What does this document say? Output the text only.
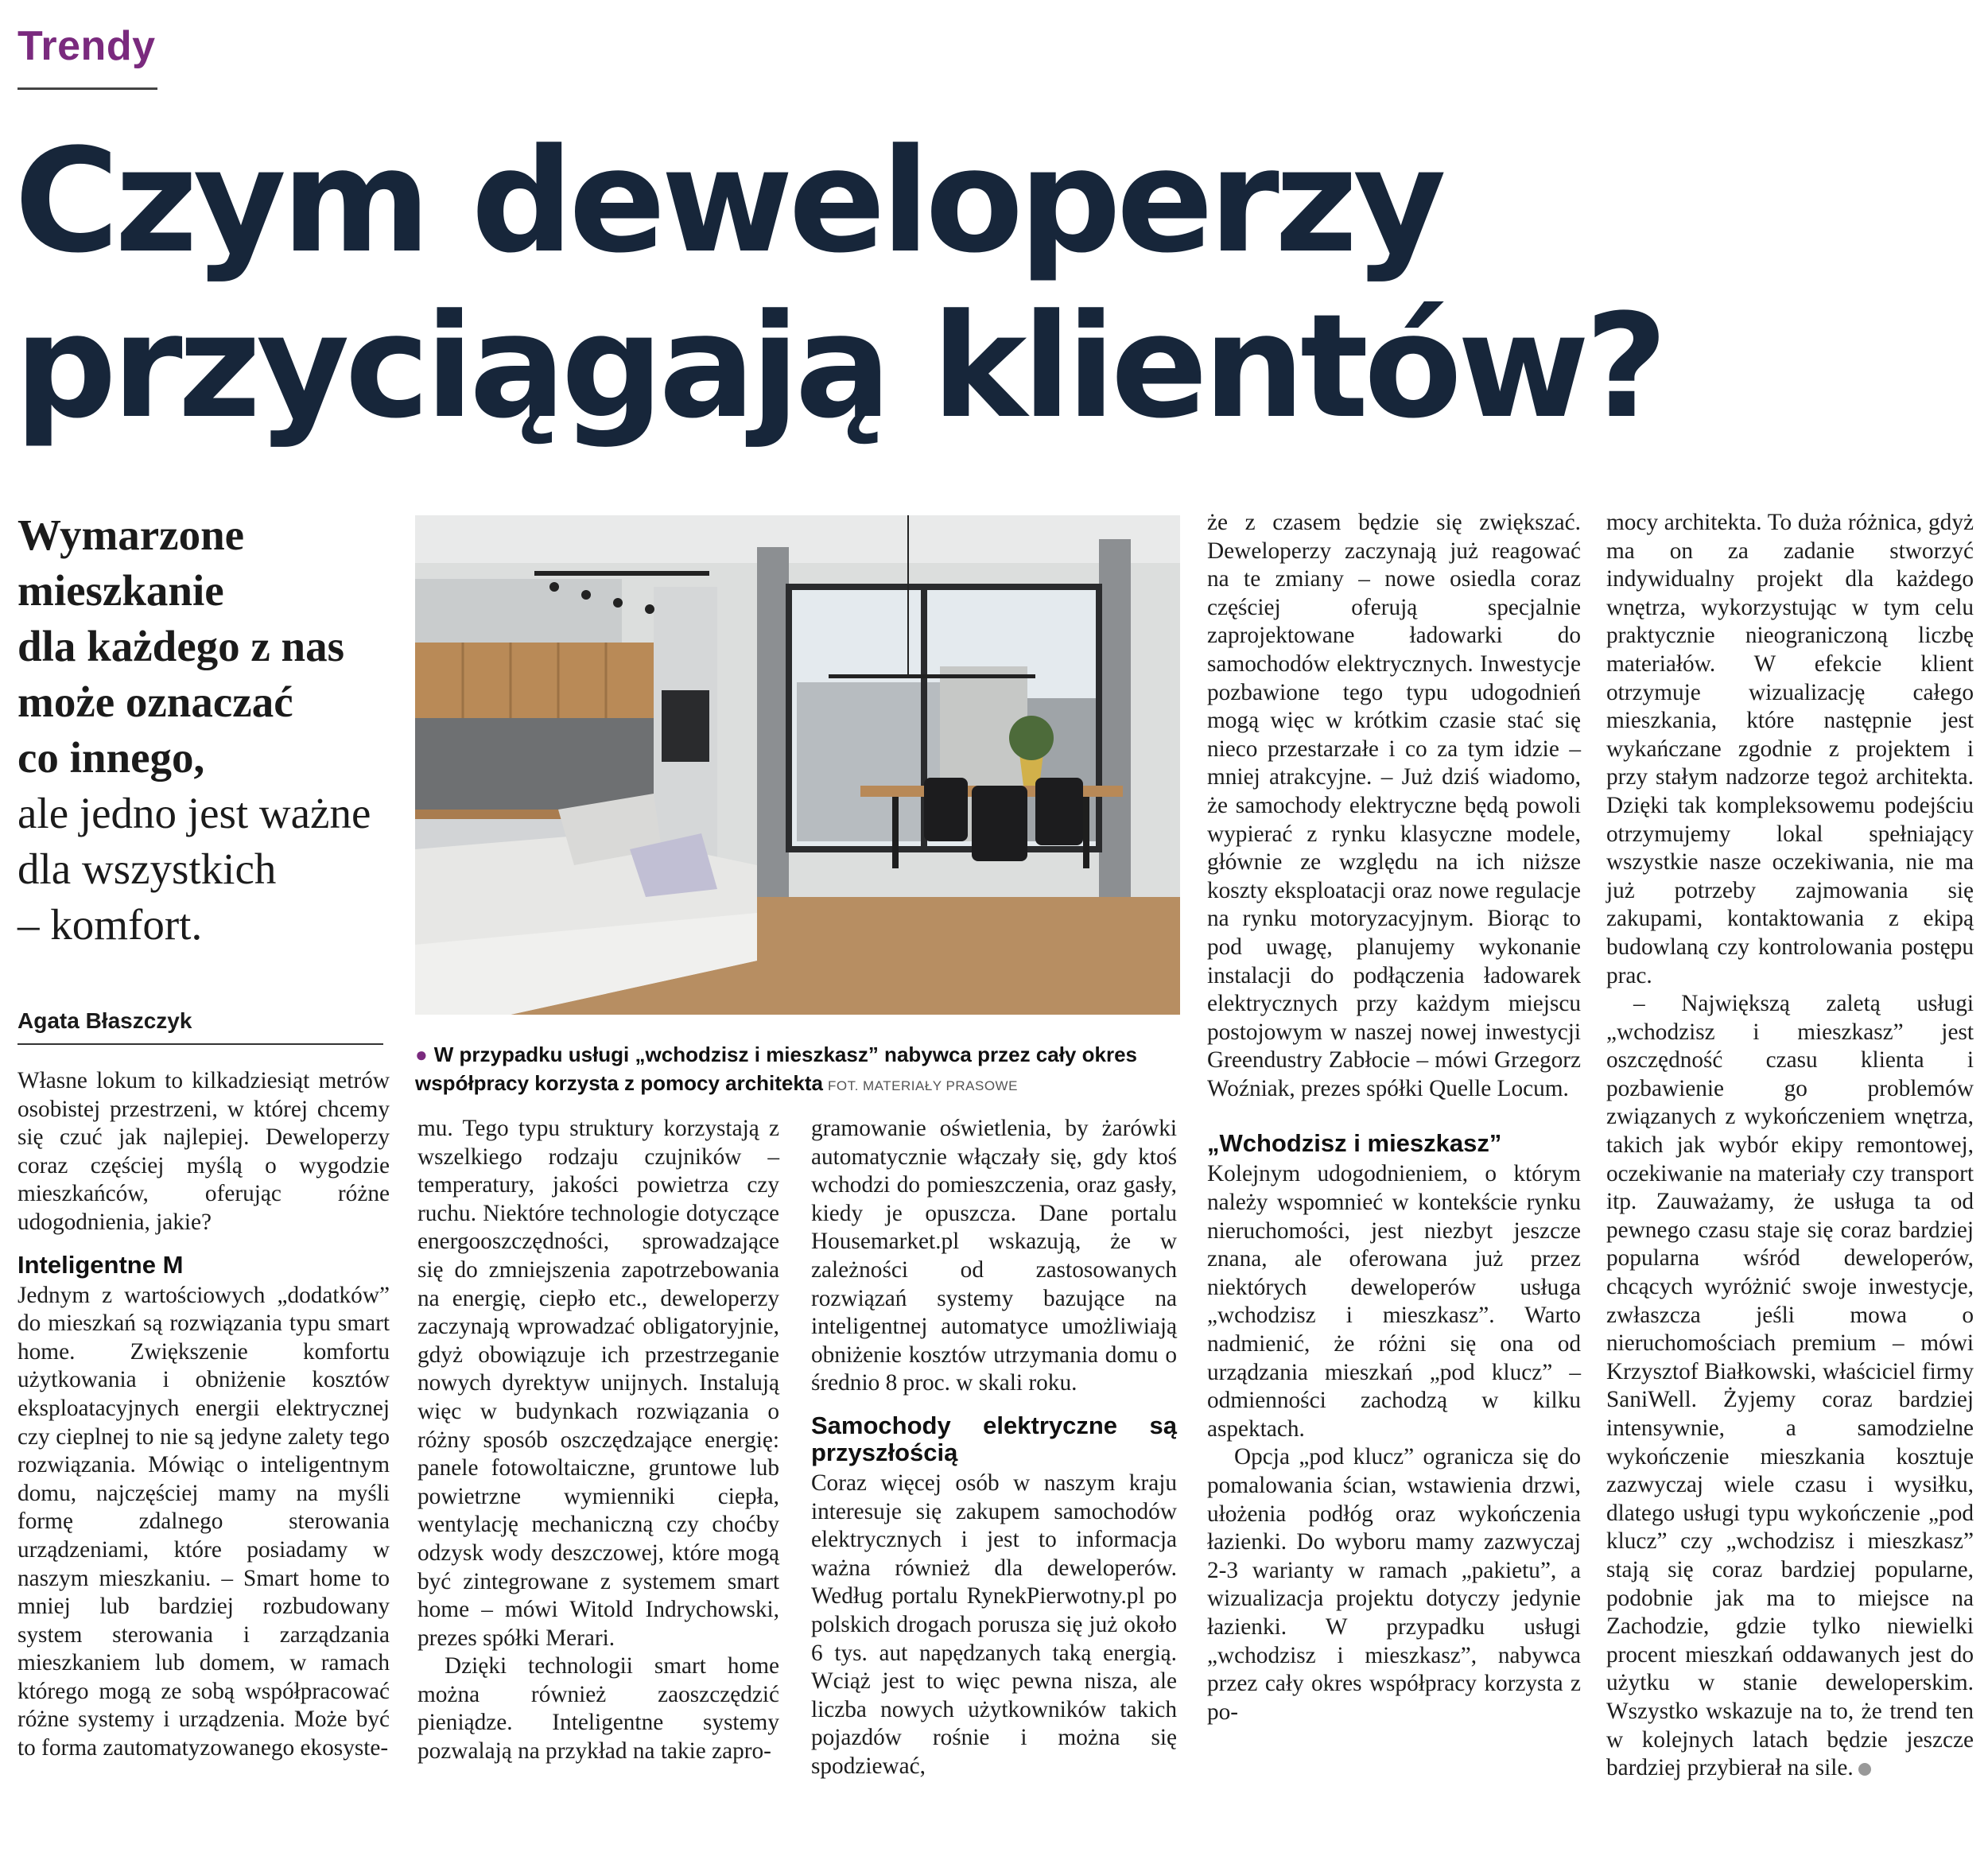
Trendy
Czym deweloperzy
przyciągają klientów?
Wymarzone
mieszkanie
dla każdego z nas
może oznaczać
co innego,
ale jedno jest ważne
dla wszystkich
– komfort.
Agata Błaszczyk
● W przypadku usługi „wchodzisz i mieszkasz” nabywca przez cały okres współpracy korzysta z pomocy architekta FOT. MATERIAŁY PRASOWE

Własne lokum to kilkadziesiąt metrów osobistej przestrzeni, w której chcemy się czuć jak najlepiej. Deweloperzy coraz częściej myślą o wygodzie mieszkańców, oferując różne udogodnienia, jakie?

Inteligentne M

Jednym z wartościowych „dodatków” do mieszkań są rozwiązania typu smart home. Zwiększenie komfortu użytkowania i obniżenie kosztów eksploatacyjnych energii elektrycznej czy cieplnej to nie są jedyne zalety tego rozwiązania. Mówiąc o inteligentnym domu, najczęściej mamy na myśli formę zdalnego sterowania urządzeniami, które posiadamy w naszym mieszkaniu. – Smart home to mniej lub bardziej rozbudowany system sterowania i zarządzania mieszkaniem lub domem, w ramach którego mogą ze sobą współpracować różne systemy i urządzenia. Może być to forma zautomatyzowanego ekosyste-

mu. Tego typu struktury korzystają z wszelkiego rodzaju czujników – temperatury, jakości powietrza czy ruchu. Niektóre technologie dotyczące energooszczędności, sprowadzające się do zmniejszenia zapotrzebowania na energię, ciepło etc., deweloperzy zaczynają wprowadzać obligatoryjnie, gdyż obowiązuje ich przestrzeganie nowych dyrektyw unijnych. Instalują więc w budynkach rozwiązania o różny sposób oszczędzające energię: panele fotowoltaiczne, gruntowe lub powietrzne wymienniki ciepła, wentylację mechaniczną czy choćby odzysk wody deszczowej, które mogą być zintegrowane z systemem smart home – mówi Witold Indrychowski, prezes spółki Merari.

Dzięki technologii smart home można również zaoszczędzić pieniądze. Inteligentne systemy pozwalają na przykład na takie zapro-

gramowanie oświetlenia, by żarówki automatycznie włączały się, gdy ktoś wchodzi do pomieszczenia, oraz gasły, kiedy je opuszcza. Dane portalu Housemarket.pl wskazują, że w zależności od zastosowanych rozwiązań systemy bazujące na inteligentnej automatyce umożliwiają obniżenie kosztów utrzymania domu o średnio 8 proc. w skali roku.

Samochody elektryczne są przyszłością

Coraz więcej osób w naszym kraju interesuje się zakupem samochodów elektrycznych i jest to informacja ważna również dla deweloperów. Według portalu RynekPierwotny.pl po polskich drogach porusza się już około 6 tys. aut napędzanych taką energią. Wciąż jest to więc pewna nisza, ale liczba nowych użytkowników takich pojazdów rośnie i można się spodziewać,

że z czasem będzie się zwiększać. Deweloperzy zaczynają już reagować na te zmiany – nowe osiedla coraz częściej oferują specjalnie zaprojektowane ładowarki do samochodów elektrycznych. Inwestycje pozbawione tego typu udogodnień mogą więc w krótkim czasie stać się nieco przestarzałe i co za tym idzie – mniej atrakcyjne. – Już dziś wiadomo, że samochody elektryczne będą powoli wypierać z rynku klasyczne modele, głównie ze względu na ich niższe koszty eksploatacji oraz nowe regulacje na rynku motoryzacyjnym. Biorąc to pod uwagę, planujemy wykonanie instalacji do podłączenia ładowarek elektrycznych przy każdym miejscu postojowym w naszej nowej inwestycji Greendustry Zabłocie – mówi Grzegorz Woźniak, prezes spółki Quelle Locum.

„Wchodzisz i mieszkasz”

Kolejnym udogodnieniem, o którym należy wspomnieć w kontekście rynku nieruchomości, jest niezbyt jeszcze znana, ale oferowana już przez niektórych deweloperów usługa „wchodzisz i mieszkasz”. Warto nadmienić, że różni się ona od urządzania mieszkań „pod klucz” – odmienności zachodzą w kilku aspektach.

Opcja „pod klucz” ogranicza się do pomalowania ścian, wstawienia drzwi, ułożenia podłóg oraz wykończenia łazienki. Do wyboru mamy zazwyczaj 2-3 warianty w ramach „pakietu”, a wizualizacja projektu dotyczy jedynie łazienki. W przypadku usługi „wchodzisz i mieszkasz”, nabywca przez cały okres współpracy korzysta z po-

mocy architekta. To duża różnica, gdyż ma on za zadanie stworzyć indywidualny projekt dla każdego wnętrza, wykorzystując w tym celu praktycznie nieograniczoną liczbę materiałów. W efekcie klient otrzymuje wizualizację całego mieszkania, które następnie jest wykańczane zgodnie z projektem i przy stałym nadzorze tegoż architekta. Dzięki tak kompleksowemu podejściu otrzymujemy lokal spełniający wszystkie nasze oczekiwania, nie ma już potrzeby zajmowania się zakupami, kontaktowania z ekipą budowlaną czy kontrolowania postępu prac.

– Największą zaletą usługi „wchodzisz i mieszkasz” jest oszczędność czasu klienta i pozbawienie go problemów związanych z wykończeniem wnętrza, takich jak wybór ekipy remontowej, oczekiwanie na materiały czy transport itp. Zauważamy, że usługa ta od pewnego czasu staje się coraz bardziej popularna wśród deweloperów, chcących wyróżnić swoje inwestycje, zwłaszcza jeśli mowa o nieruchomościach premium – mówi Krzysztof Białkowski, właściciel firmy SaniWell. Żyjemy coraz bardziej intensywnie, a samodzielne wykończenie mieszkania kosztuje zazwyczaj wiele czasu i wysiłku, dlatego usługi typu wykończenie „pod klucz” czy „wchodzisz i mieszkasz” stają się coraz bardziej popularne, podobnie jak ma to miejsce na Zachodzie, gdzie tylko niewielki procent mieszkań oddawanych jest do użytku w stanie deweloperskim. Wszystko wskazuje na to, że trend ten w kolejnych latach będzie jeszcze bardziej przybierał na sile.
